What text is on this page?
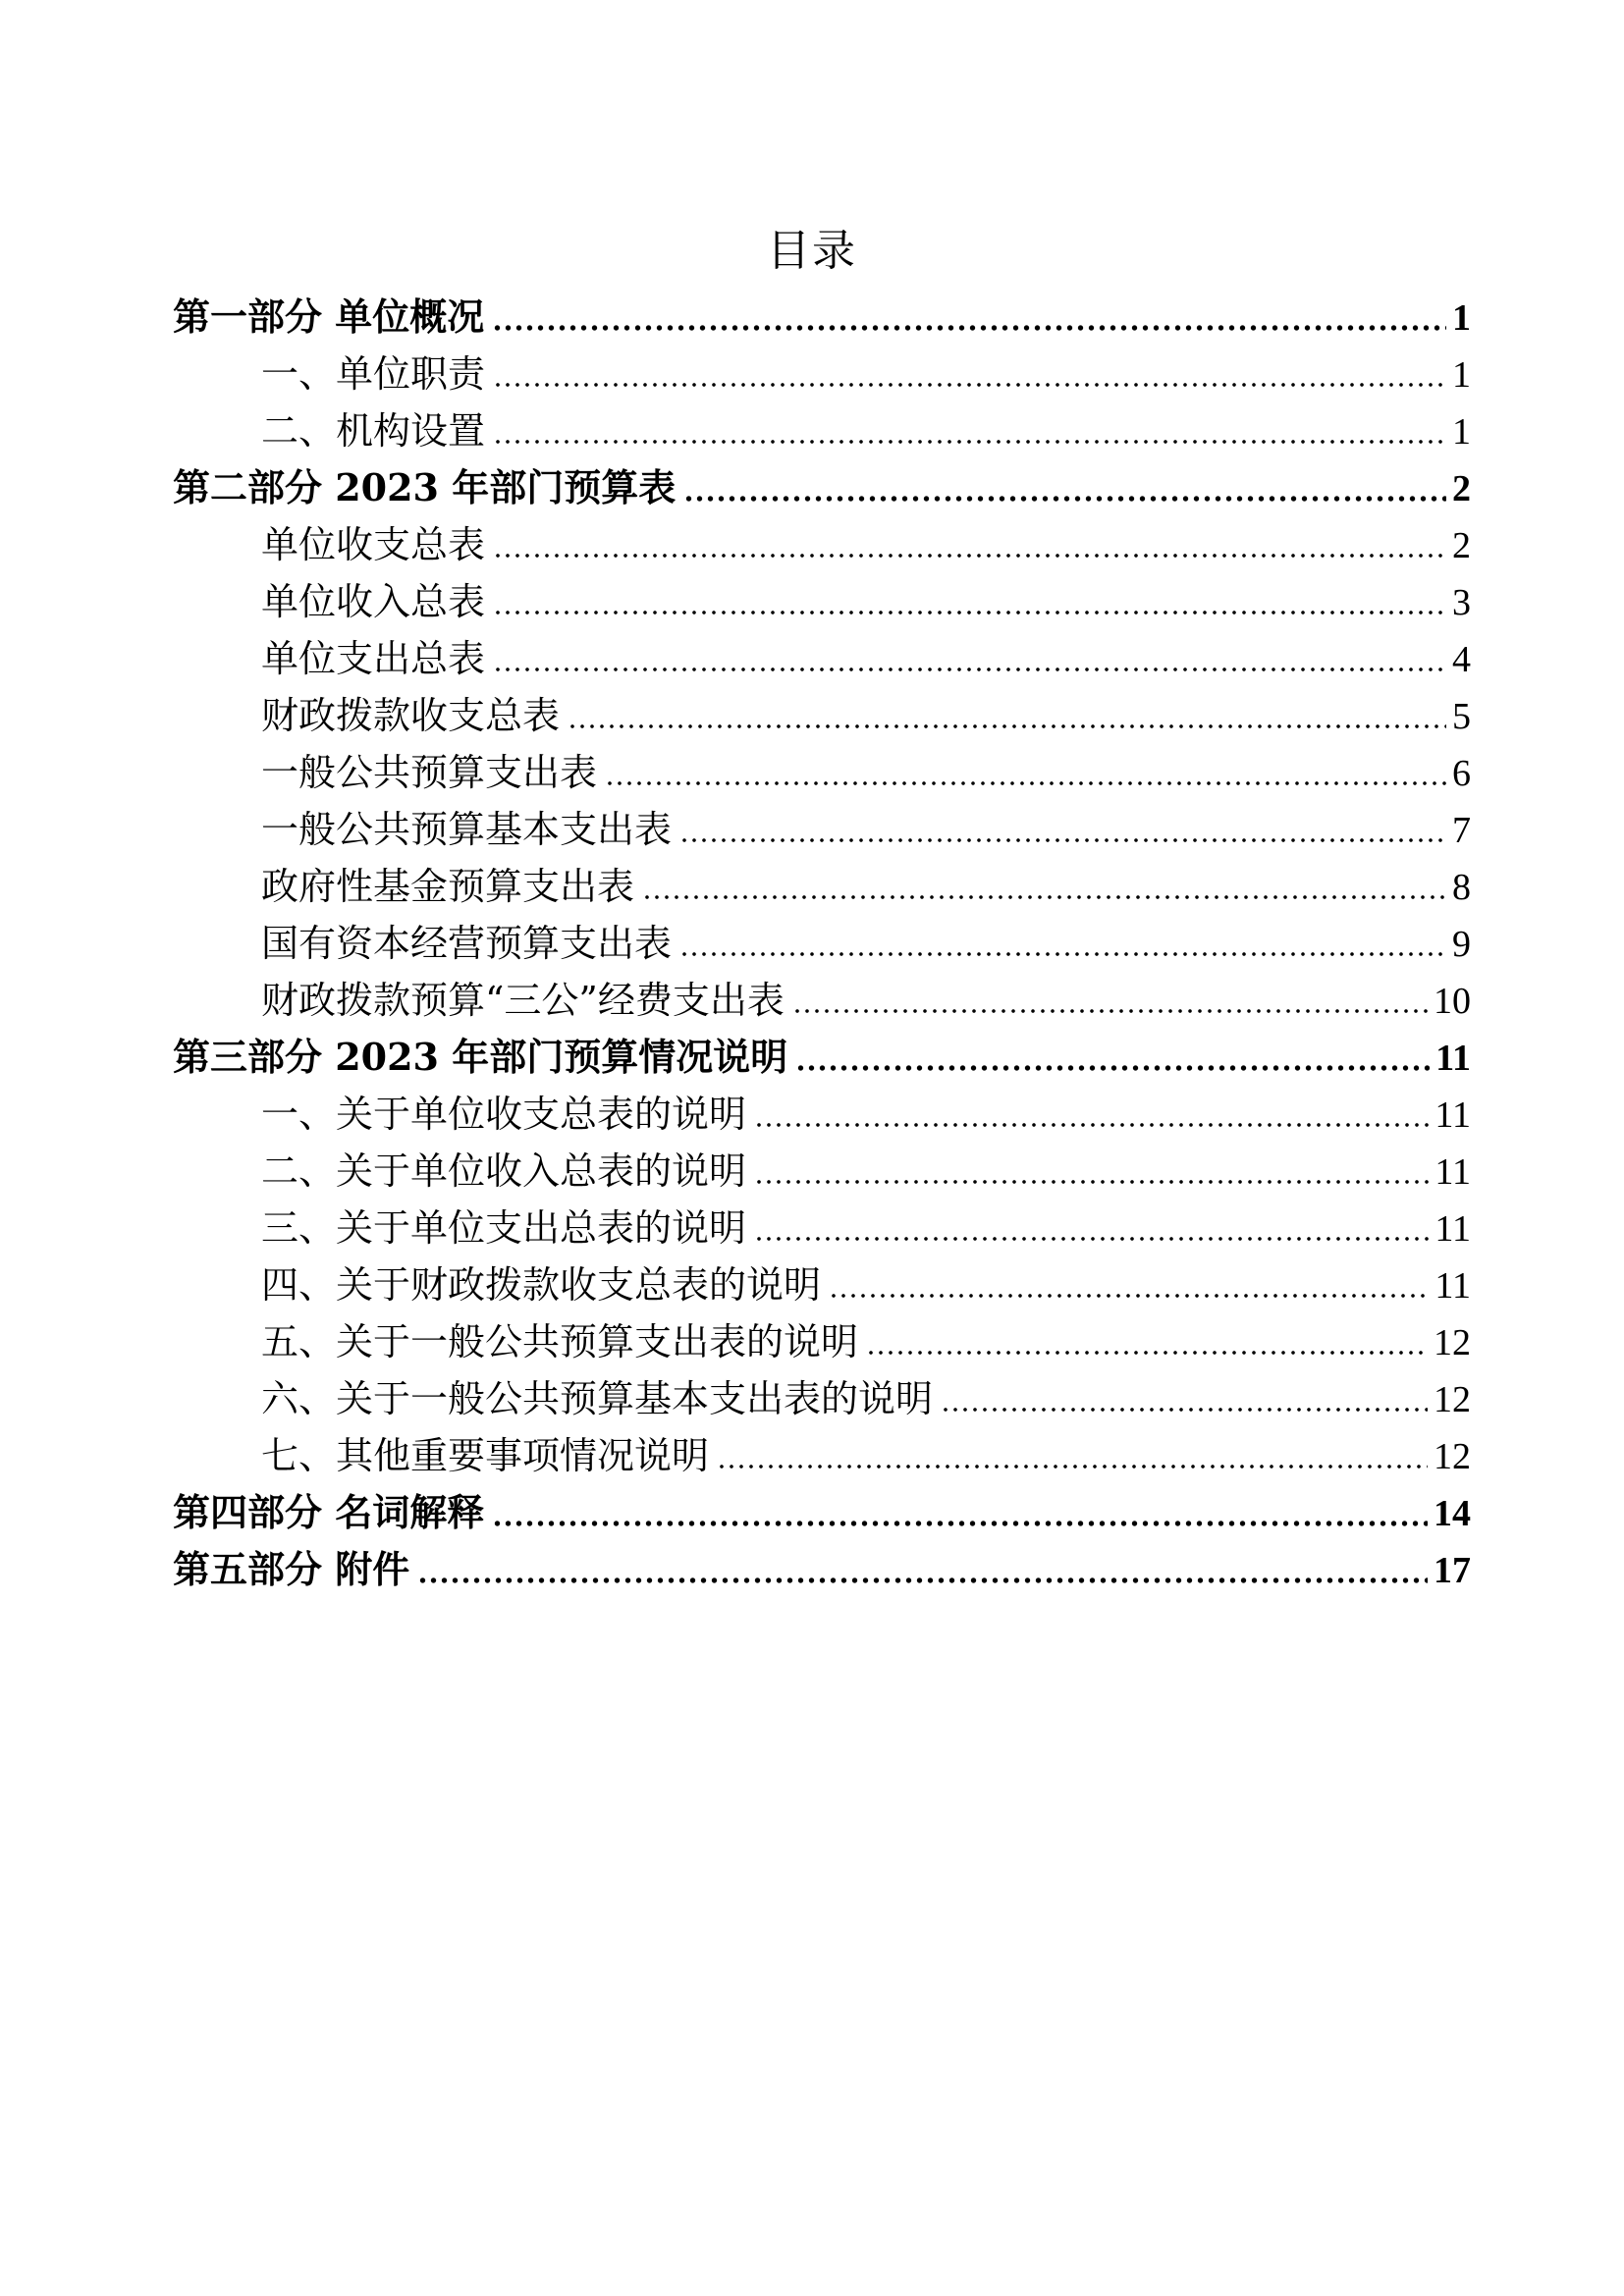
目录
第一部分 单位概况	1
一、单位职责	1
二、机构设置	1
第二部分 2023 年部门预算表	2
单位收支总表	2
单位收入总表	3
单位支出总表	4
财政拨款收支总表	5
一般公共预算支出表	6
一般公共预算基本支出表	7
政府性基金预算支出表	8
国有资本经营预算支出表	9
财政拨款预算“三公”经费支出表	10
第三部分 2023 年部门预算情况说明	11
一、关于单位收支总表的说明	11
二、关于单位收入总表的说明	11
三、关于单位支出总表的说明	11
四、关于财政拨款收支总表的说明	11
五、关于一般公共预算支出表的说明	12
六、关于一般公共预算基本支出表的说明	12
七、其他重要事项情况说明	12
第四部分 名词解释	14
第五部分 附件	17
